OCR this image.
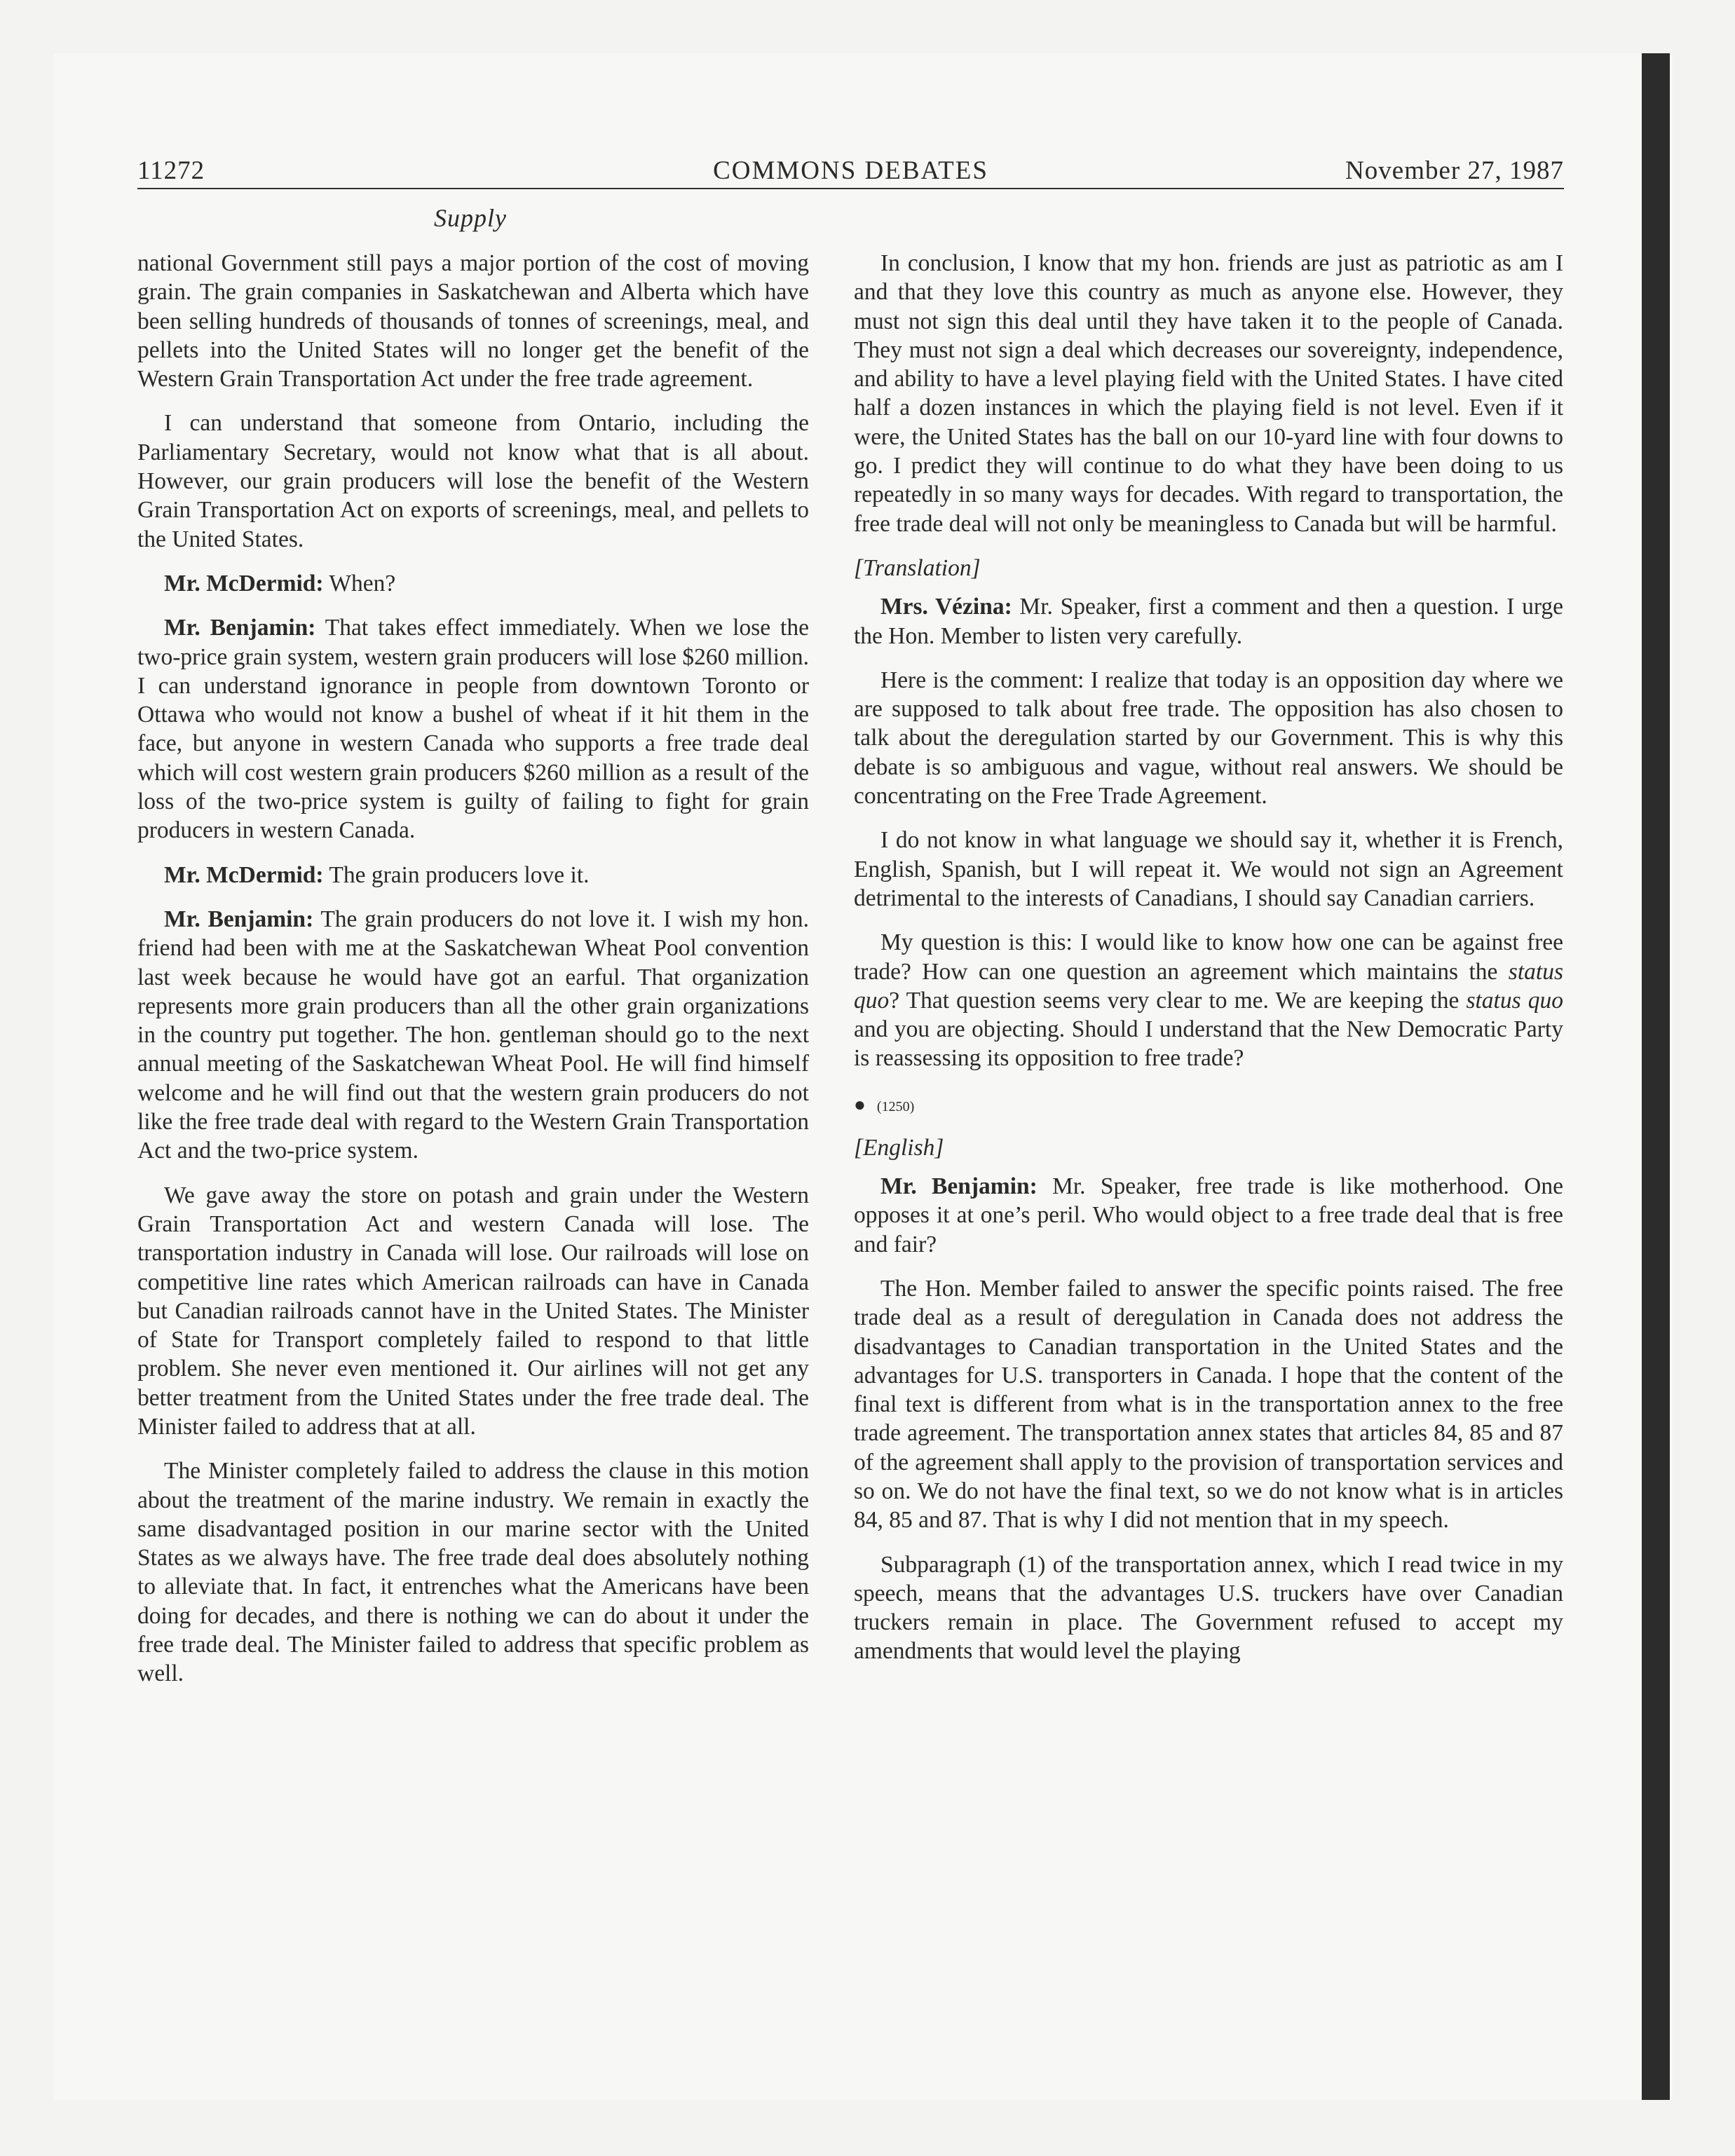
11272	COMMONS DEBATES	November 27, 1987
Supply

national Government still pays a major portion of the cost of moving grain. The grain companies in Saskatchewan and Alberta which have been selling hundreds of thousands of tonnes of screenings, meal, and pellets into the United States will no longer get the benefit of the Western Grain Transportation Act under the free trade agreement.

I can understand that someone from Ontario, including the Parliamentary Secretary, would not know what that is all about. However, our grain producers will lose the benefit of the Western Grain Transportation Act on exports of screenings, meal, and pellets to the United States.

Mr. McDermid: When?

Mr. Benjamin: That takes effect immediately. When we lose the two-price grain system, western grain producers will lose $260 million. I can understand ignorance in people from downtown Toronto or Ottawa who would not know a bushel of wheat if it hit them in the face, but anyone in western Canada who supports a free trade deal which will cost western grain producers $260 million as a result of the loss of the two-price system is guilty of failing to fight for grain producers in western Canada.

Mr. McDermid: The grain producers love it.

Mr. Benjamin: The grain producers do not love it. I wish my hon. friend had been with me at the Saskatchewan Wheat Pool convention last week because he would have got an earful. That organization represents more grain producers than all the other grain organizations in the country put together. The hon. gentleman should go to the next annual meeting of the Saskatchewan Wheat Pool. He will find himself welcome and he will find out that the western grain producers do not like the free trade deal with regard to the Western Grain Transportation Act and the two-price system.

We gave away the store on potash and grain under the Western Grain Transportation Act and western Canada will lose. The transportation industry in Canada will lose. Our railroads will lose on competitive line rates which American railroads can have in Canada but Canadian railroads cannot have in the United States. The Minister of State for Transport completely failed to respond to that little problem. She never even mentioned it. Our airlines will not get any better treatment from the United States under the free trade deal. The Minister failed to address that at all.

The Minister completely failed to address the clause in this motion about the treatment of the marine industry. We remain in exactly the same disadvantaged position in our marine sector with the United States as we always have. The free trade deal does absolutely nothing to alleviate that. In fact, it entrenches what the Americans have been doing for decades, and there is nothing we can do about it under the free trade deal. The Minister failed to address that specific problem as well.

In conclusion, I know that my hon. friends are just as patriotic as am I and that they love this country as much as anyone else. However, they must not sign this deal until they have taken it to the people of Canada. They must not sign a deal which decreases our sovereignty, independence, and ability to have a level playing field with the United States. I have cited half a dozen instances in which the playing field is not level. Even if it were, the United States has the ball on our 10-yard line with four downs to go. I predict they will continue to do what they have been doing to us repeatedly in so many ways for decades. With regard to transportation, the free trade deal will not only be meaningless to Canada but will be harmful.

[Translation]

Mrs. Vézina: Mr. Speaker, first a comment and then a question. I urge the Hon. Member to listen very carefully.

Here is the comment: I realize that today is an opposition day where we are supposed to talk about free trade. The opposition has also chosen to talk about the deregulation started by our Government. This is why this debate is so ambiguous and vague, without real answers. We should be concentrating on the Free Trade Agreement.

I do not know in what language we should say it, whether it is French, English, Spanish, but I will repeat it. We would not sign an Agreement detrimental to the interests of Canadians, I should say Canadian carriers.

My question is this: I would like to know how one can be against free trade? How can one question an agreement which maintains the status quo? That question seems very clear to me. We are keeping the status quo and you are objecting. Should I understand that the New Democratic Party is reassessing its opposition to free trade?

● (1250)

[English]

Mr. Benjamin: Mr. Speaker, free trade is like motherhood. One opposes it at one’s peril. Who would object to a free trade deal that is free and fair?

The Hon. Member failed to answer the specific points raised. The free trade deal as a result of deregulation in Canada does not address the disadvantages to Canadian transportation in the United States and the advantages for U.S. transporters in Canada. I hope that the content of the final text is different from what is in the transportation annex to the free trade agreement. The transportation annex states that articles 84, 85 and 87 of the agreement shall apply to the provision of transportation services and so on. We do not have the final text, so we do not know what is in articles 84, 85 and 87. That is why I did not mention that in my speech.

Subparagraph (1) of the transportation annex, which I read twice in my speech, means that the advantages U.S. truckers have over Canadian truckers remain in place. The Government refused to accept my amendments that would level the playing
